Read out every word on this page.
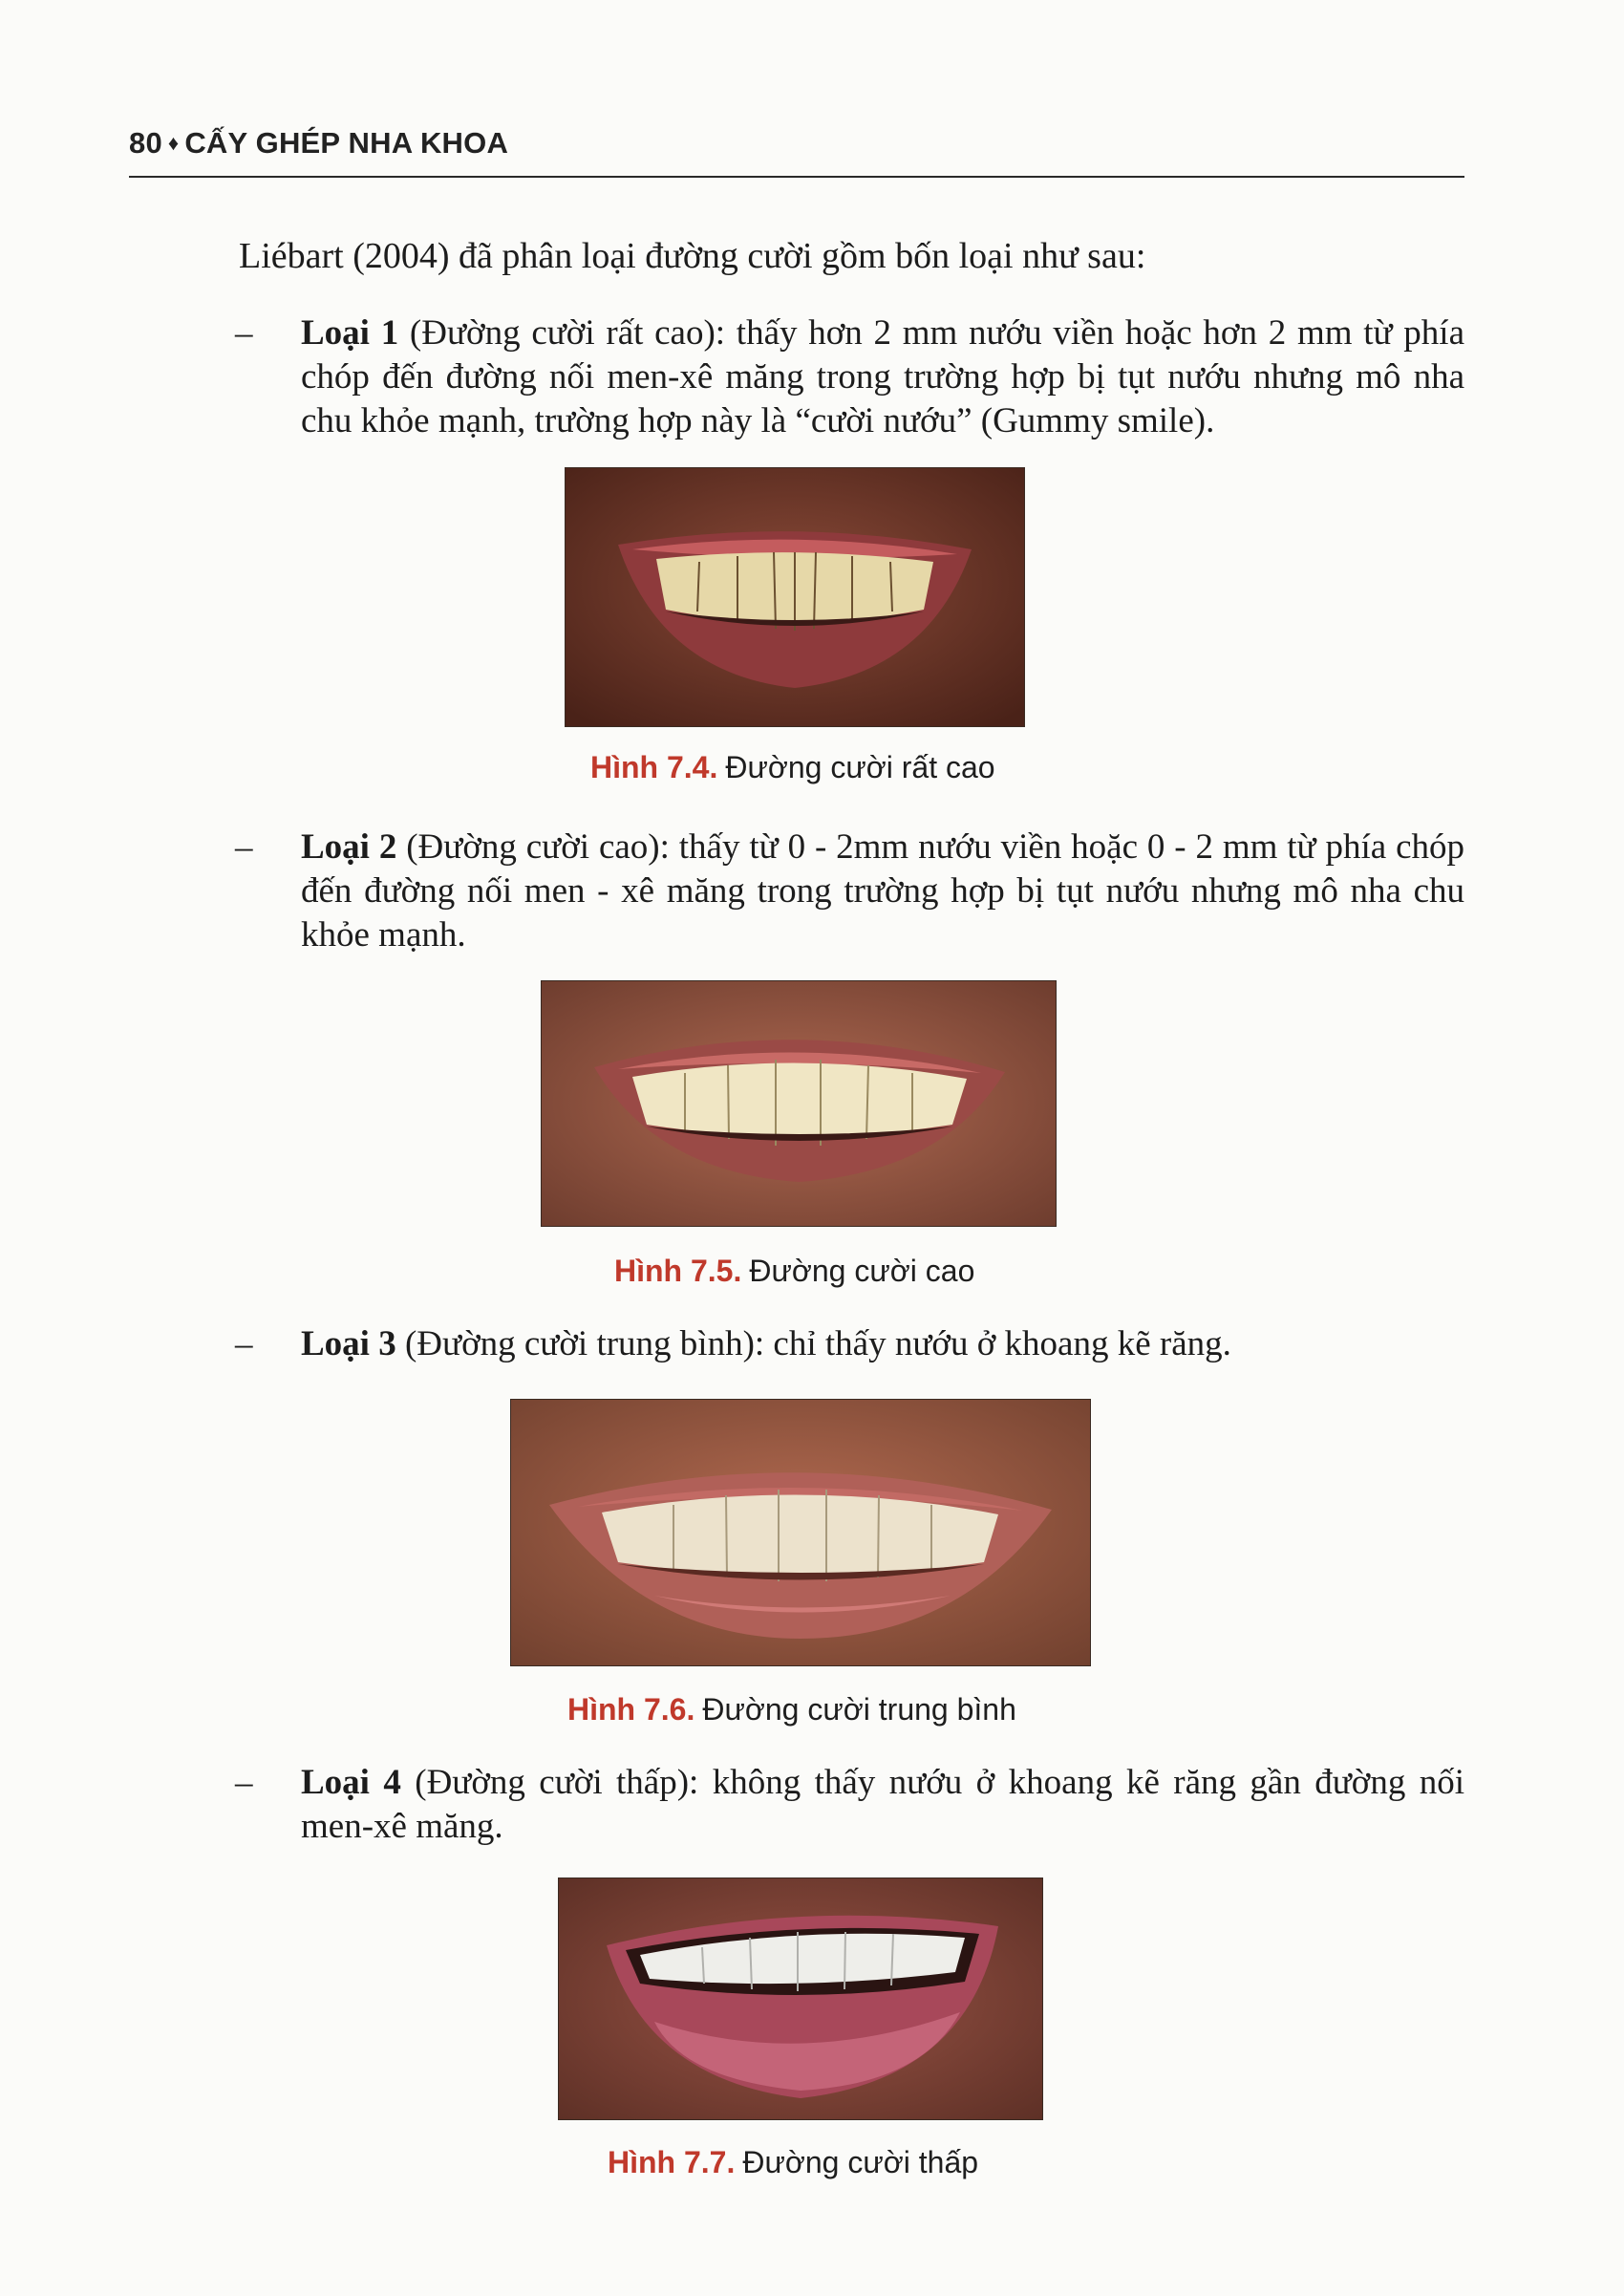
80 ♦ CẤY GHÉP NHA KHOA
Liébart (2004) đã phân loại đường cười gồm bốn loại như sau:
– Loại 1 (Đường cười rất cao): thấy hơn 2 mm nướu viền hoặc hơn 2 mm từ phía chóp đến đường nối men-xê măng trong trường hợp bị tụt nướu nhưng mô nha chu khỏe mạnh, trường hợp này là “cười nướu” (Gummy smile).
Hình 7.4. Đường cười rất cao
– Loại 2 (Đường cười cao): thấy từ 0 - 2mm nướu viền hoặc 0 - 2 mm từ phía chóp đến đường nối men - xê măng trong trường hợp bị tụt nướu nhưng mô nha chu khỏe mạnh.
Hình 7.5. Đường cười cao
– Loại 3 (Đường cười trung bình): chỉ thấy nướu ở khoang kẽ răng.
Hình 7.6. Đường cười trung bình
– Loại 4 (Đường cười thấp): không thấy nướu ở khoang kẽ răng gần đường nối men-xê măng.
Hình 7.7. Đường cười thấp
